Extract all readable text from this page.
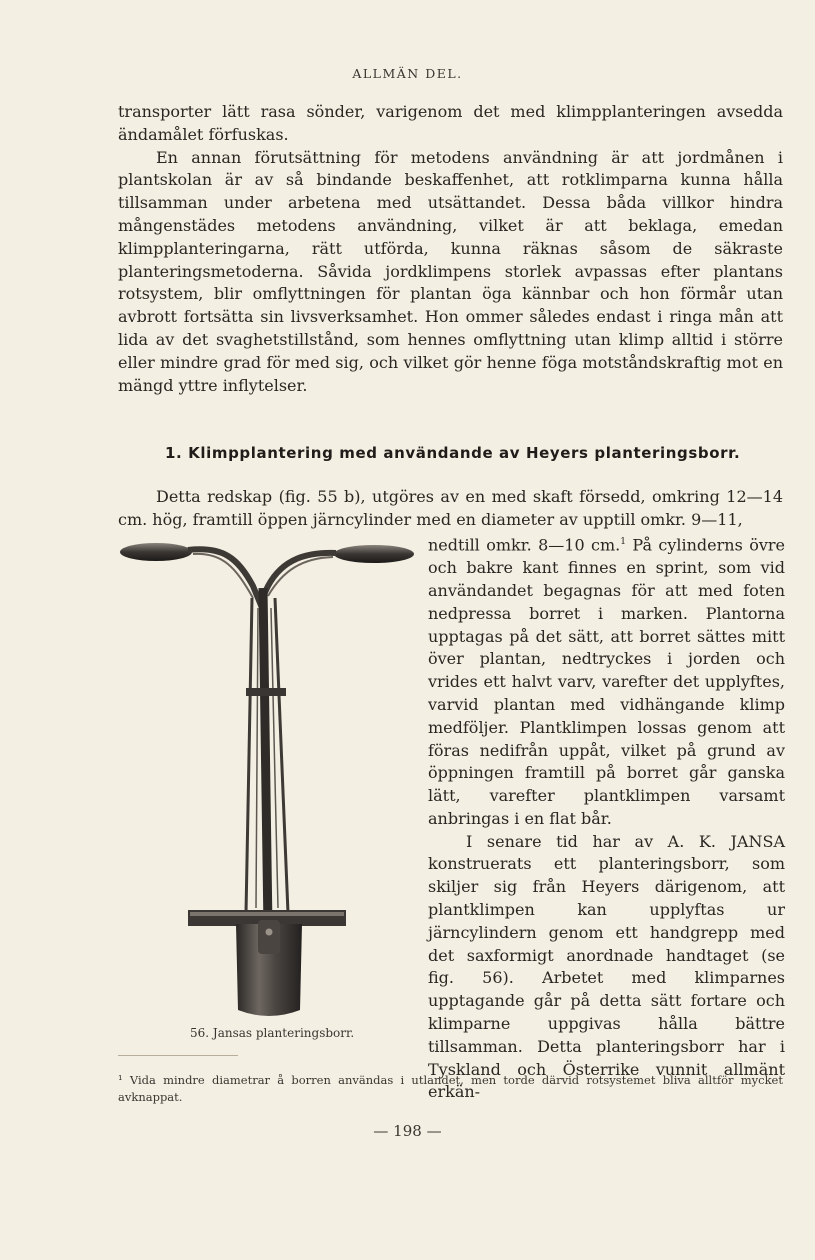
ALLMÄN DEL.

transporter lätt rasa sönder, varigenom det med klimpplanteringen avsedda ändamålet förfuskas.

En annan förutsättning för metodens användning är att jordmånen i plantskolan är av så bindande beskaffenhet, att rotklimparna kunna hålla tillsamman under arbetena med utsättandet. Dessa båda villkor hindra mångenstädes metodens användning, vilket är att beklaga, emedan klimpplanteringarna, rätt utförda, kunna räknas såsom de säkraste planteringsmetoderna. Såvida jordklimpens storlek avpassas efter plantans rotsystem, blir omflyttningen för plantan öga kännbar och hon förmår utan avbrott fortsätta sin livsverksamhet. Hon ommer således endast i ringa mån att lida av det svaghetstillstånd, som hennes omflyttning utan klimp alltid i större eller mindre grad för med sig, och vilket gör henne föga motståndskraftig mot en mängd yttre inflytelser.

1. Klimpplantering med användande av Heyers planteringsborr.

Detta redskap (fig. 55 b), utgöres av en med skaft försedd, omkring 12—14 cm. hög, framtill öppen järncylinder med en diameter av upptill omkr. 9—11,

nedtill omkr. 8—10 cm.$^1$ På cylinderns övre och bakre kant finnes en sprint, som vid användandet begagnas för att med foten nedpressa borret i marken. Plantorna upptagas på det sätt, att borret sättes mitt över plantan, nedtryckes i jorden och vrides ett halvt varv, varefter det upplyftes, varvid plantan med vidhängande klimp medföljer. Plantklimpen lossas genom att föras nedifrån uppåt, vilket på grund av öppningen framtill på borret går ganska lätt, varefter plantklimpen varsamt anbringas i en flat bår.

I senare tid har av A. K. JANSA konstruerats ett planteringsborr, som skiljer sig från Heyers därigenom, att plantklimpen kan upplyftas ur järncylindern genom ett handgrepp med det saxformigt anordnade handtaget (se fig. 56). Arbetet med klimparnes upptagande går på detta sätt fortare och klimparne uppgivas hålla bättre tillsamman. Detta planteringsborr har i Tyskland och Österrike vunnit allmänt erkän-

56. Jansas planteringsborr.
¹ Vida mindre diametrar å borren användas i utlandet, men torde därvid rotsystemet bliva alltför mycket avknappat.
— 198 —
